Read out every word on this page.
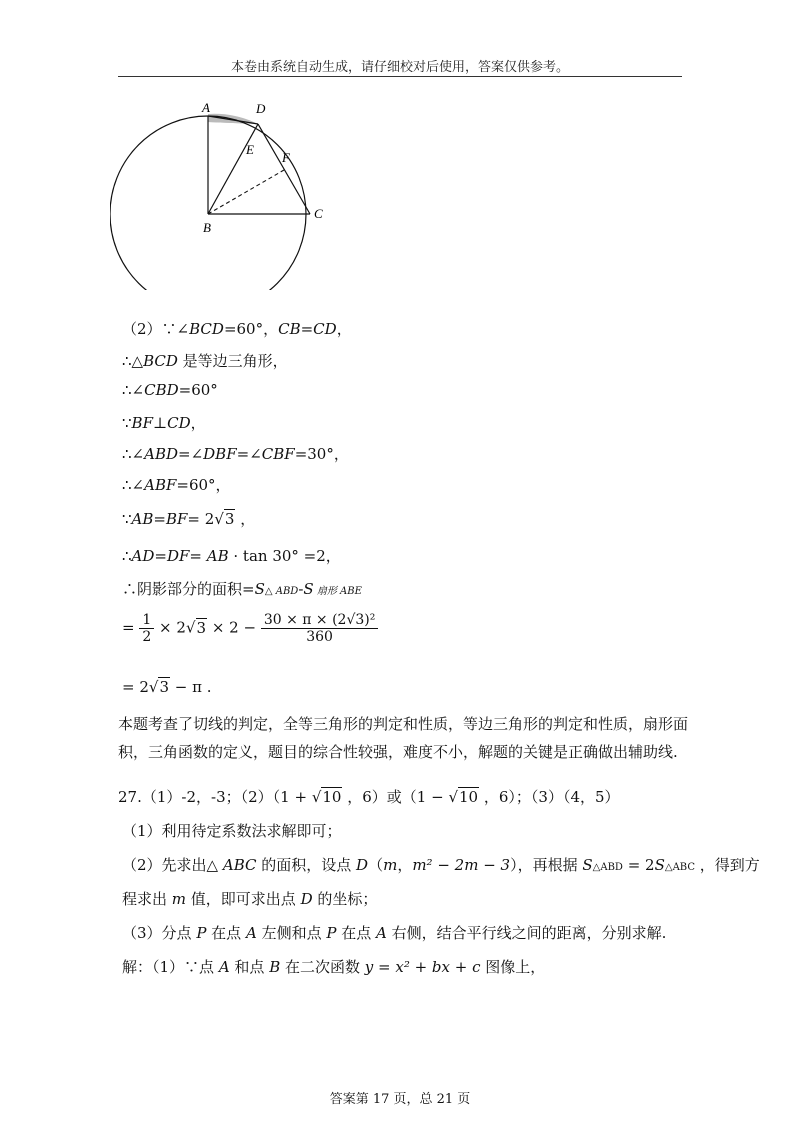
本卷由系统自动生成，请仔细校对后使用，答案仅供参考。
A	D
E
F
B
C
（2）∵∠BCD=60°，CB=CD，
∴△BCD 是等边三角形，
∴∠CBD=60°
∵BF⊥CD，
∴∠ABD=∠DBF=∠CBF=30°，
∴∠ABF=60°，
∵AB=BF= 2√3 ，
∴AD=DF= AB · tan 30° =2，
∴阴影部分的面积=S△ ABD-S 扇形 ABE
= $\frac{1}{2} \times 2√3 \times 2 - \frac{\text{30 × π × (2√3)²}}{360}$
= 2√3 − π .
本题考查了切线的判定，全等三角形的判定和性质，等边三角形的判定和性质，扇形面积，三角函数的定义，题目的综合性较强，难度不小，解题的关键是正确做出辅助线.
27.（1）-2，-3；（2）（1 + √10 ，6）或（1 − √10 ，6）；（3）（4，5）
（1）利用待定系数法求解即可；
（2）先求出△ ABC 的面积，设点 D（m，m² − 2m − 3），再根据 S△ABD = 2S△ABC ，得到方
程求出 m 值，即可求出点 D 的坐标；
（3）分点 P 在点 A 左侧和点 P 在点 A 右侧，结合平行线之间的距离，分别求解.
解：（1）∵点 A 和点 B 在二次函数 y = x² + bx + c 图像上，
答案第 17 页，总 21 页
